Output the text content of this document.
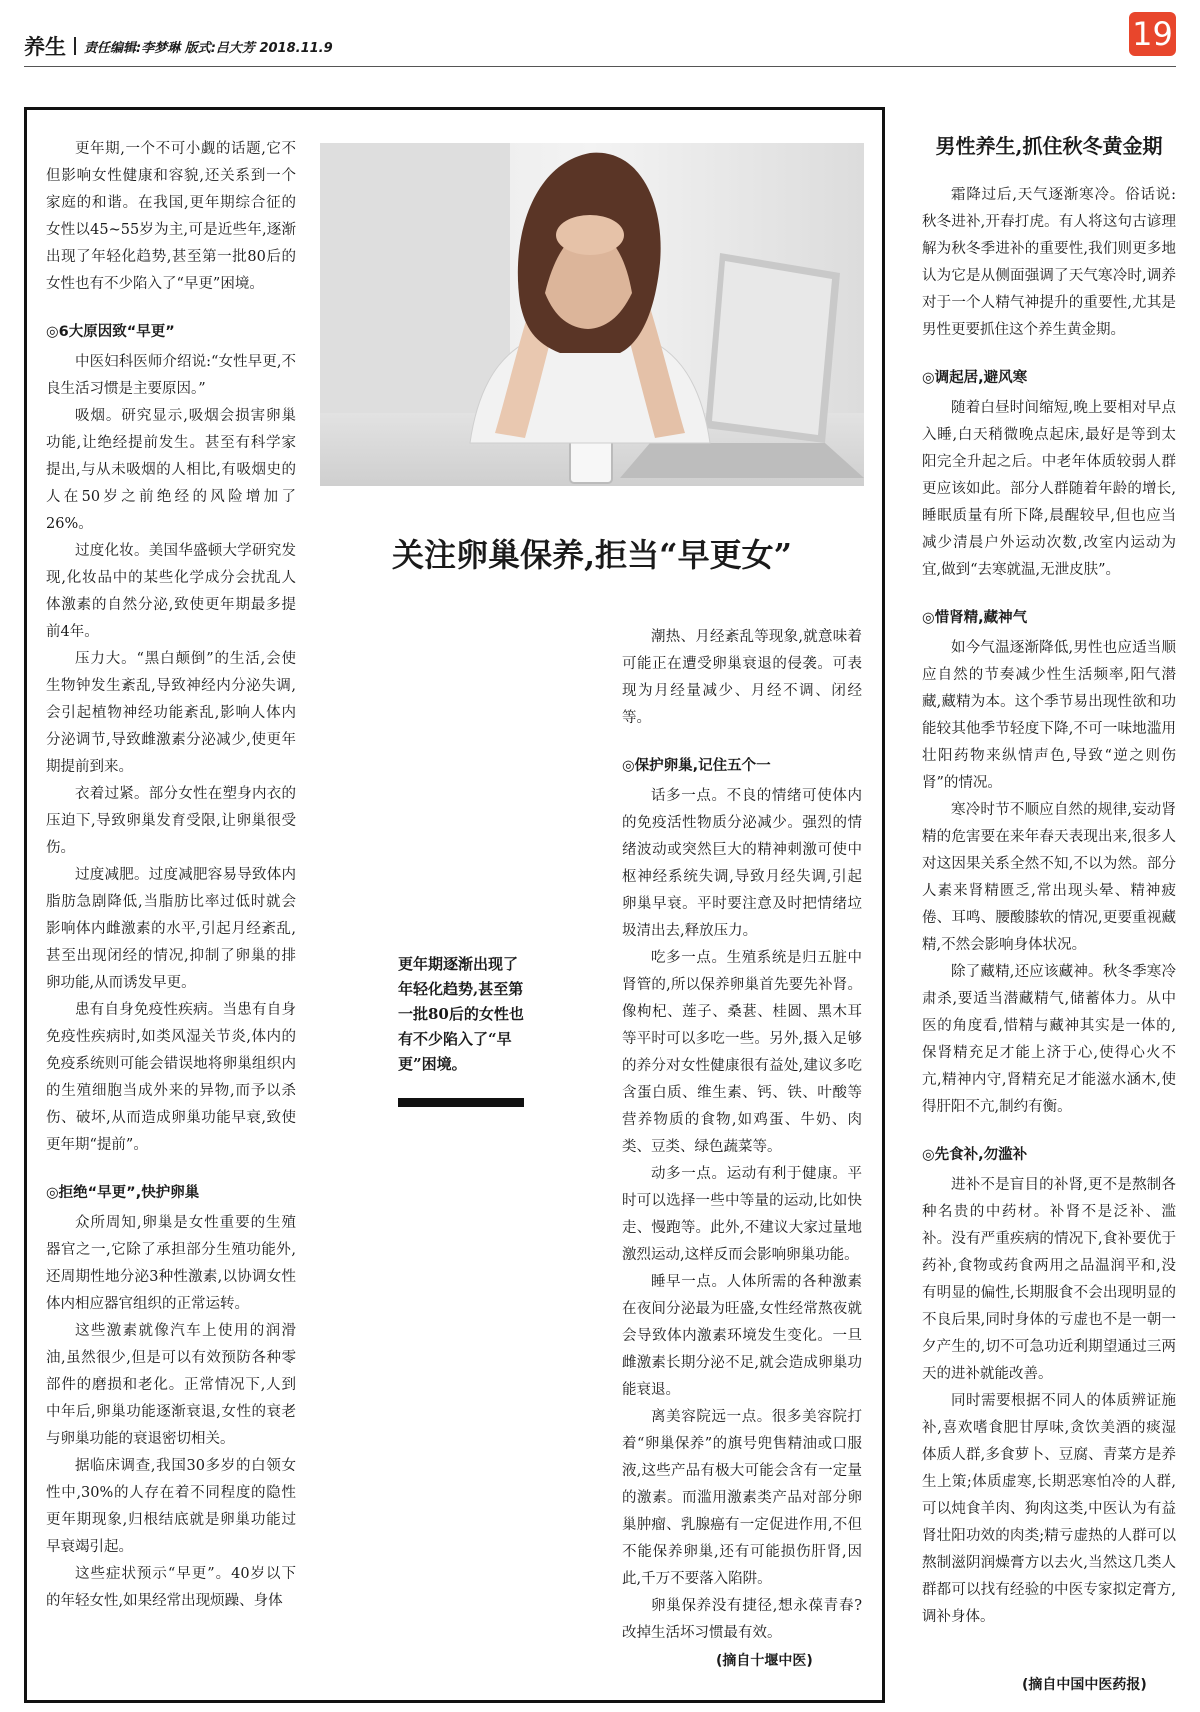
养生 责任编辑:李梦琳 版式:吕大芳 2018.11.9	19

更年期,一个不可小觑的话题,它不但影响女性健康和容貌,还关系到一个家庭的和谐。在我国,更年期综合征的女性以45~55岁为主,可是近些年,逐渐出现了年轻化趋势,甚至第一批80后的女性也有不少陷入了“早更”困境。

◎6大原因致“早更”

中医妇科医师介绍说:“女性早更,不良生活习惯是主要原因。”

吸烟。研究显示,吸烟会损害卵巢功能,让绝经提前发生。甚至有科学家提出,与从未吸烟的人相比,有吸烟史的人在50岁之前绝经的风险增加了26%。

过度化妆。美国华盛顿大学研究发现,化妆品中的某些化学成分会扰乱人体激素的自然分泌,致使更年期最多提前4年。

压力大。“黑白颠倒”的生活,会使生物钟发生紊乱,导致神经内分泌失调,会引起植物神经功能紊乱,影响人体内分泌调节,导致雌激素分泌减少,使更年期提前到来。

衣着过紧。部分女性在塑身内衣的压迫下,导致卵巢发育受限,让卵巢很受伤。

过度减肥。过度减肥容易导致体内脂肪急剧降低,当脂肪比率过低时就会影响体内雌激素的水平,引起月经紊乱,甚至出现闭经的情况,抑制了卵巢的排卵功能,从而诱发早更。

患有自身免疫性疾病。当患有自身免疫性疾病时,如类风湿关节炎,体内的免疫系统则可能会错误地将卵巢组织内的生殖细胞当成外来的异物,而予以杀伤、破坏,从而造成卵巢功能早衰,致使更年期“提前”。

◎拒绝“早更”,快护卵巢

众所周知,卵巢是女性重要的生殖器官之一,它除了承担部分生殖功能外,还周期性地分泌3种性激素,以协调女性体内相应器官组织的正常运转。

这些激素就像汽车上使用的润滑油,虽然很少,但是可以有效预防各种零部件的磨损和老化。正常情况下,人到中年后,卵巢功能逐渐衰退,女性的衰老与卵巢功能的衰退密切相关。

据临床调查,我国30多岁的白领女性中,30%的人存在着不同程度的隐性更年期现象,归根结底就是卵巢功能过早衰竭引起。

这些症状预示“早更”。40岁以下的年轻女性,如果经常出现烦躁、身体

关注卵巢保养,拒当“早更女”
更年期逐渐出现了年轻化趋势,甚至第一批80后的女性也有不少陷入了“早更”困境。

潮热、月经紊乱等现象,就意味着可能正在遭受卵巢衰退的侵袭。可表现为月经量减少、月经不调、闭经等。

◎保护卵巢,记住五个一

话多一点。不良的情绪可使体内的免疫活性物质分泌减少。强烈的情绪波动或突然巨大的精神刺激可使中枢神经系统失调,导致月经失调,引起卵巢早衰。平时要注意及时把情绪垃圾清出去,释放压力。

吃多一点。生殖系统是归五脏中肾管的,所以保养卵巢首先要先补肾。像枸杞、莲子、桑葚、桂圆、黑木耳等平时可以多吃一些。另外,摄入足够的养分对女性健康很有益处,建议多吃含蛋白质、维生素、钙、铁、叶酸等营养物质的食物,如鸡蛋、牛奶、肉类、豆类、绿色蔬菜等。

动多一点。运动有利于健康。平时可以选择一些中等量的运动,比如快走、慢跑等。此外,不建议大家过量地激烈运动,这样反而会影响卵巢功能。

睡早一点。人体所需的各种激素在夜间分泌最为旺盛,女性经常熬夜就会导致体内激素环境发生变化。一旦雌激素长期分泌不足,就会造成卵巢功能衰退。

离美容院远一点。很多美容院打着“卵巢保养”的旗号兜售精油或口服液,这些产品有极大可能会含有一定量的激素。而滥用激素类产品对部分卵巢肿瘤、乳腺癌有一定促进作用,不但不能保养卵巢,还有可能损伤肝肾,因此,千万不要落入陷阱。

卵巢保养没有捷径,想永葆青春?改掉生活坏习惯最有效。

(摘自十堰中医)
男性养生,抓住秋冬黄金期

霜降过后,天气逐渐寒冷。俗话说:秋冬进补,开春打虎。有人将这句古谚理解为秋冬季进补的重要性,我们则更多地认为它是从侧面强调了天气寒冷时,调养对于一个人精气神提升的重要性,尤其是男性更要抓住这个养生黄金期。

◎调起居,避风寒

随着白昼时间缩短,晚上要相对早点入睡,白天稍微晚点起床,最好是等到太阳完全升起之后。中老年体质较弱人群更应该如此。部分人群随着年龄的增长,睡眠质量有所下降,晨醒较早,但也应当减少清晨户外运动次数,改室内运动为宜,做到“去寒就温,无泄皮肤”。

◎惜肾精,藏神气

如今气温逐渐降低,男性也应适当顺应自然的节奏减少性生活频率,阳气潜藏,藏精为本。这个季节易出现性欲和功能较其他季节轻度下降,不可一味地滥用壮阳药物来纵情声色,导致“逆之则伤肾”的情况。

寒冷时节不顺应自然的规律,妄动肾精的危害要在来年春天表现出来,很多人对这因果关系全然不知,不以为然。部分人素来肾精匮乏,常出现头晕、精神疲倦、耳鸣、腰酸膝软的情况,更要重视藏精,不然会影响身体状况。

除了藏精,还应该藏神。秋冬季寒冷肃杀,要适当潜藏精气,储蓄体力。从中医的角度看,惜精与藏神其实是一体的,保肾精充足才能上济于心,使得心火不亢,精神内守,肾精充足才能滋水涵木,使得肝阳不亢,制约有衡。

◎先食补,勿滥补

进补不是盲目的补肾,更不是熬制各种名贵的中药材。补肾不是泛补、滥补。没有严重疾病的情况下,食补要优于药补,食物或药食两用之品温润平和,没有明显的偏性,长期服食不会出现明显的不良后果,同时身体的亏虚也不是一朝一夕产生的,切不可急功近利期望通过三两天的进补就能改善。

同时需要根据不同人的体质辨证施补,喜欢嗜食肥甘厚味,贪饮美酒的痰湿体质人群,多食萝卜、豆腐、青菜方是养生上策;体质虚寒,长期恶寒怕冷的人群,可以炖食羊肉、狗肉这类,中医认为有益肾壮阳功效的肉类;精亏虚热的人群可以熬制滋阴润燥膏方以去火,当然这几类人群都可以找有经验的中医专家拟定膏方,调补身体。

(摘自中国中医药报)
